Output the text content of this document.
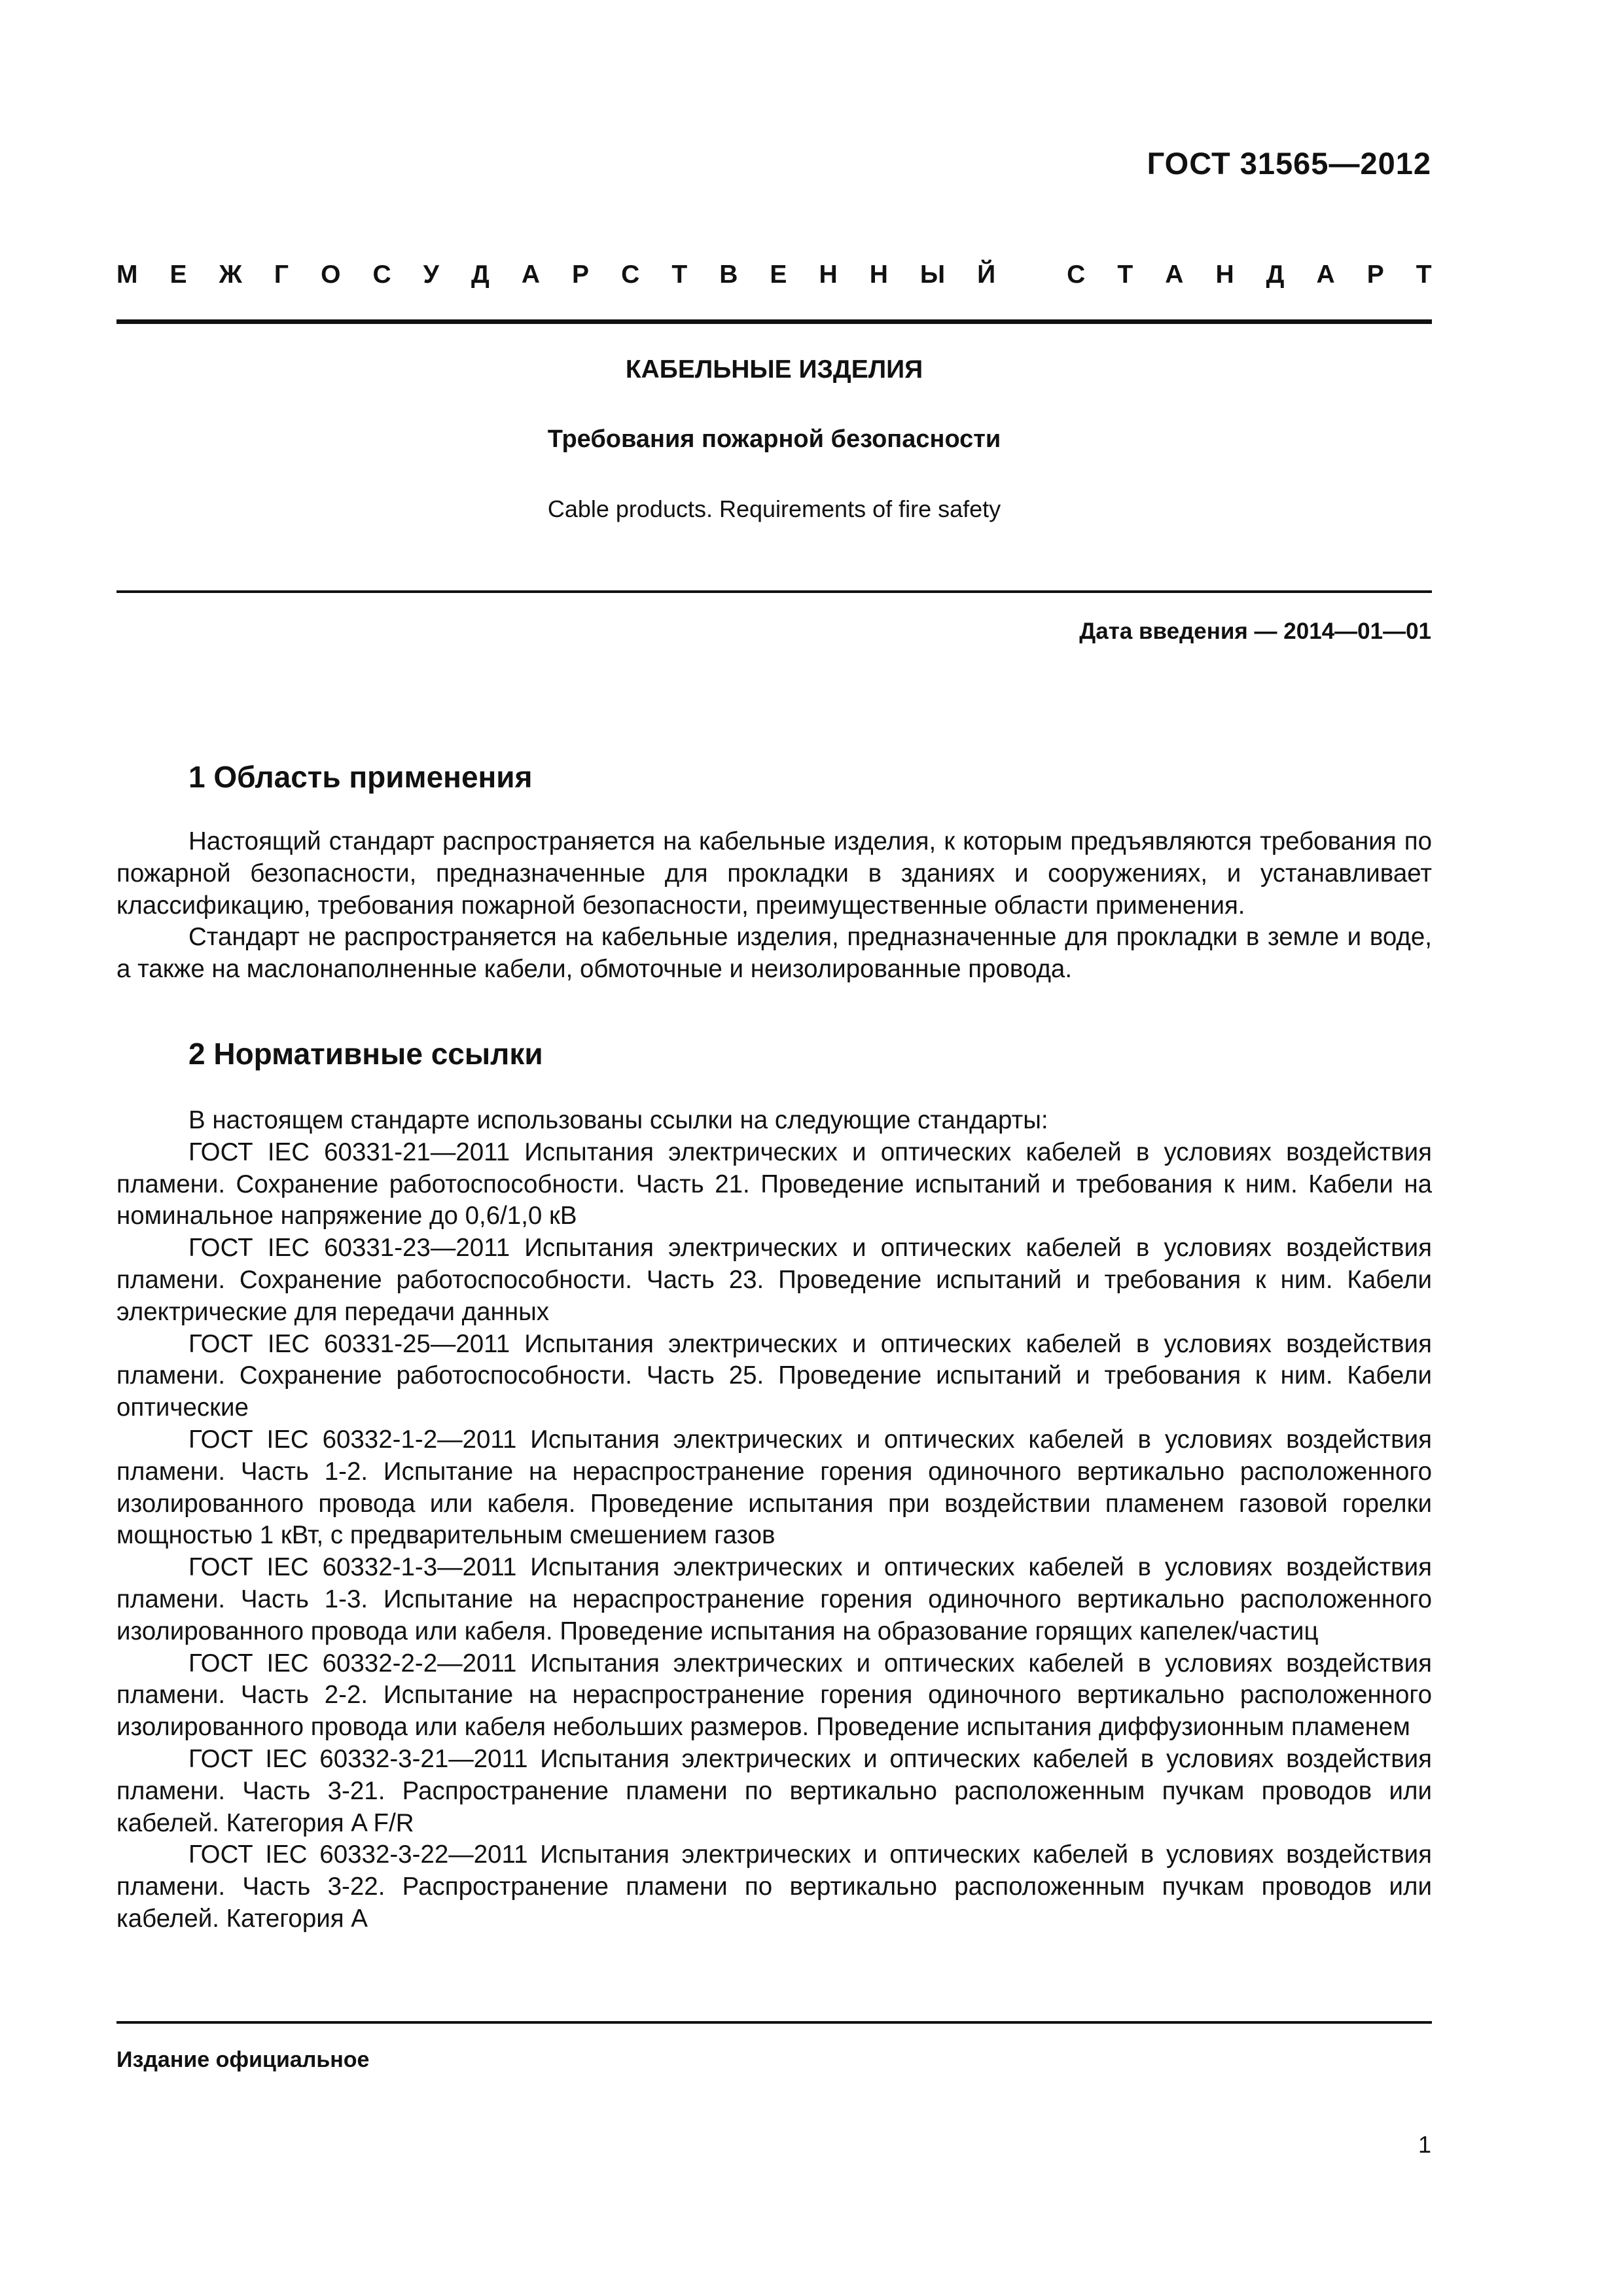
ГОСТ 31565—2012
М Е Ж Г О С У Д А Р С Т В Е Н Н Ы Й
	С Т А Н Д А Р Т
КАБЕЛЬНЫЕ ИЗДЕЛИЯ
Требования пожарной безопасности
Cable products. Requirements of fire safety
Дата введения — 2014—01—01
1 Область применения

Настоящий стандарт распространяется на кабельные изделия, к которым предъявляются требования по пожарной безопасности, предназначенные для прокладки в зданиях и сооружениях, и устанавливает классификацию, требования пожарной безопасности, преимущественные области применения.

Стандарт не распространяется на кабельные изделия, предназначенные для прокладки в земле и воде, а также на маслонаполненные кабели, обмоточные и неизолированные провода.

2 Нормативные ссылки

В настоящем стандарте использованы ссылки на следующие стандарты:

ГОСТ IEC 60331-21—2011 Испытания электрических и оптических кабелей в условиях воздействия пламени. Сохранение работоспособности. Часть 21. Проведение испытаний и требования к ним. Кабели на номинальное напряжение до 0,6/1,0 кВ

ГОСТ IEC 60331-23—2011 Испытания электрических и оптических кабелей в условиях воздействия пламени. Сохранение работоспособности. Часть 23. Проведение испытаний и требования к ним. Кабели электрические для передачи данных

ГОСТ IEC 60331-25—2011 Испытания электрических и оптических кабелей в условиях воздействия пламени. Сохранение работоспособности. Часть 25. Проведение испытаний и требования к ним. Кабели оптические

ГОСТ IEC 60332-1-2—2011 Испытания электрических и оптических кабелей в условиях воздействия пламени. Часть 1-2. Испытание на нераспространение горения одиночного вертикально расположенного изолированного провода или кабеля. Проведение испытания при воздействии пламенем газовой горелки мощностью 1 кВт, с предварительным смешением газов

ГОСТ IEC 60332-1-3—2011 Испытания электрических и оптических кабелей в условиях воздействия пламени. Часть 1-3. Испытание на нераспространение горения одиночного вертикально расположенного изолированного провода или кабеля. Проведение испытания на образование горящих капелек/частиц

ГОСТ IEC 60332-2-2—2011 Испытания электрических и оптических кабелей в условиях воздействия пламени. Часть 2-2. Испытание на нераспространение горения одиночного вертикально расположенного изолированного провода или кабеля небольших размеров. Проведение испытания диффузионным пламенем

ГОСТ IEC 60332-3-21—2011 Испытания электрических и оптических кабелей в условиях воздействия пламени. Часть 3-21. Распространение пламени по вертикально расположенным пучкам проводов или кабелей. Категория A F/R

ГОСТ IEC 60332-3-22—2011 Испытания электрических и оптических кабелей в условиях воздействия пламени. Часть 3-22. Распространение пламени по вертикально расположенным пучкам проводов или кабелей. Категория А

Издание официальное
1
